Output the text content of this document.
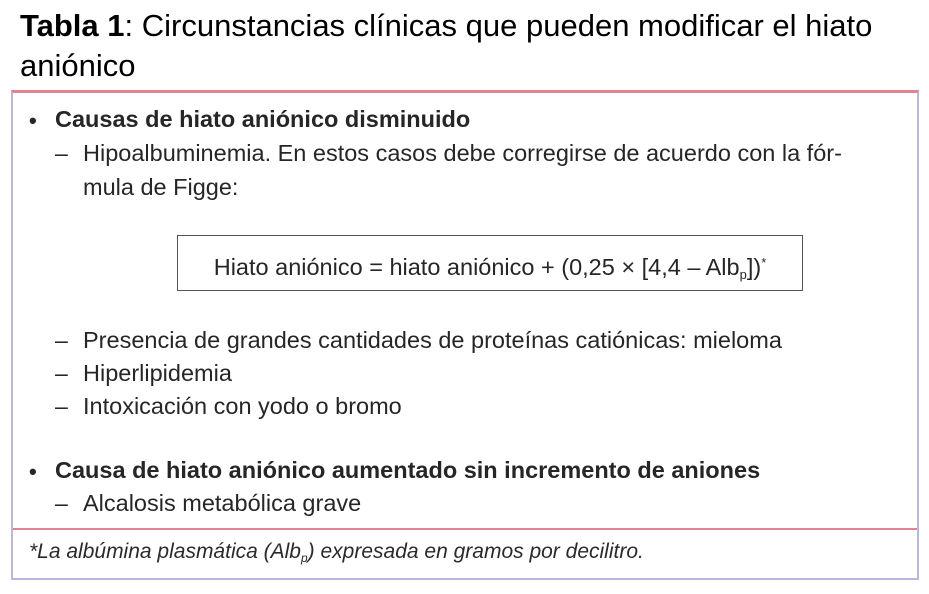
Tabla 1: Circunstancias clínicas que pueden modificar el hiato aniónico
• Causas de hiato aniónico disminuido
– Hipoalbuminemia. En estos casos debe corregirse de acuerdo con la fór-
mula de Figge:
Hiato aniónico = hiato aniónico + (0,25 × [4,4 – Alb$_p$])*
– Presencia de grandes cantidades de proteínas catiónicas: mieloma
– Hiperlipidemia
– Intoxicación con yodo o bromo
• Causa de hiato aniónico aumentado sin incremento de aniones
– Alcalosis metabólica grave
*La albúmina plasmática (Alb$_p$) expresada en gramos por decilitro.
